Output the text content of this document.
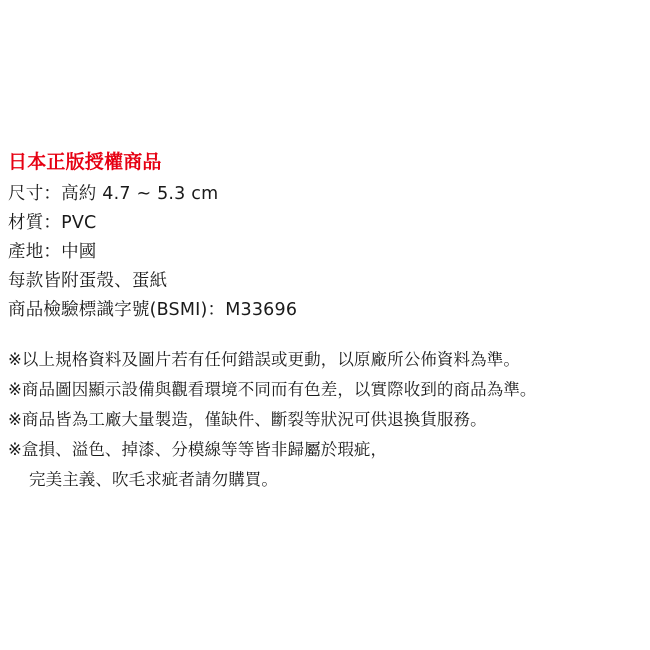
日本正版授權商品
尺寸：高約 4.7 ~ 5.3 cm
材質：PVC
產地：中國
每款皆附蛋殼、蛋紙
商品檢驗標識字號(BSMI)：M33696
※以上規格資料及圖片若有任何錯誤或更動，以原廠所公佈資料為準。
※商品圖因顯示設備與觀看環境不同而有色差，以實際收到的商品為準。
※商品皆為工廠大量製造，僅缺件、斷裂等狀況可供退換貨服務。
※盒損、溢色、掉漆、分模線等等皆非歸屬於瑕疵，
完美主義、吹毛求疵者請勿購買。
